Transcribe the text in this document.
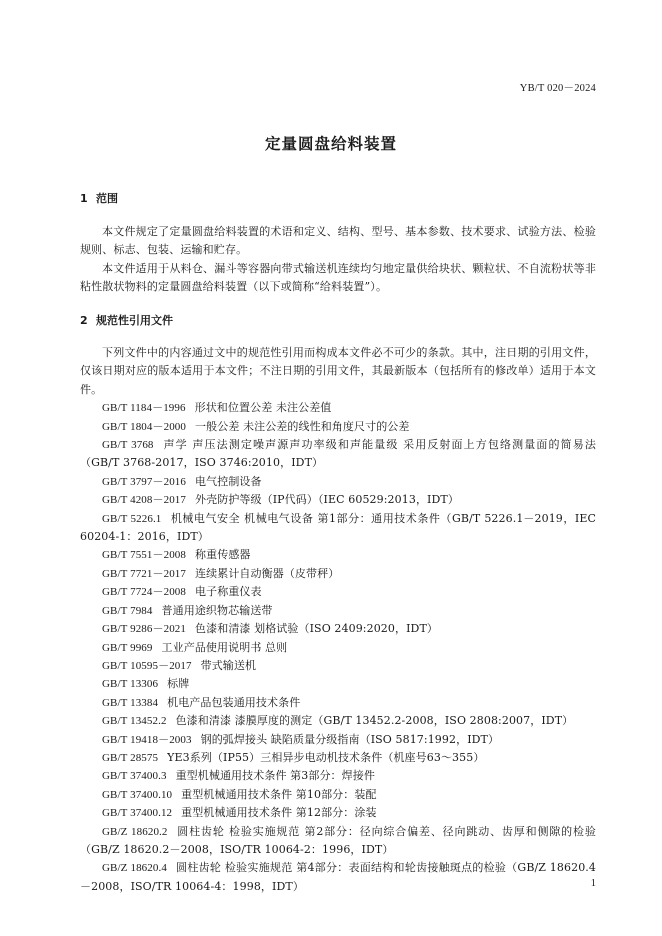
YB/T 020－2024
定量圆盘给料装置
1 范围
本文件规定了定量圆盘给料装置的术语和定义、结构、型号、基本参数、技术要求、试验方法、检验规则、标志、包装、运输和贮存。
本文件适用于从料仓、漏斗等容器向带式输送机连续均匀地定量供给块状、颗粒状、不自流粉状等非粘性散状物料的定量圆盘给料装置（以下或简称“给料装置”）。
2 规范性引用文件
下列文件中的内容通过文中的规范性引用而构成本文件必不可少的条款。其中，注日期的引用文件，仅该日期对应的版本适用于本文件；不注日期的引用文件，其最新版本（包括所有的修改单）适用于本文件。
GB/T 1184－1996 形状和位置公差 未注公差值
GB/T 1804－2000 一般公差 未注公差的线性和角度尺寸的公差
GB/T 3768 声学 声压法测定噪声源声功率级和声能量级 采用反射面上方包络测量面的简易法（GB/T 3768-2017，ISO 3746:2010，IDT）
GB/T 3797－2016 电气控制设备
GB/T 4208－2017 外壳防护等级（IP代码）（IEC 60529:2013，IDT）
GB/T 5226.1 机械电气安全 机械电气设备 第1部分：通用技术条件（GB/T 5226.1－2019，IEC 60204-1：2016，IDT）
GB/T 7551－2008 称重传感器
GB/T 7721－2017 连续累计自动衡器（皮带秤）
GB/T 7724－2008 电子称重仪表
GB/T 7984 普通用途织物芯输送带
GB/T 9286－2021 色漆和清漆 划格试验（ISO 2409:2020，IDT）
GB/T 9969 工业产品使用说明书 总则
GB/T 10595－2017 带式输送机
GB/T 13306 标牌
GB/T 13384 机电产品包装通用技术条件
GB/T 13452.2 色漆和清漆 漆膜厚度的测定（GB/T 13452.2-2008，ISO 2808:2007，IDT）
GB/T 19418－2003 钢的弧焊接头 缺陷质量分级指南（ISO 5817:1992，IDT）
GB/T 28575 YE3系列（IP55）三相异步电动机技术条件（机座号63～355）
GB/T 37400.3 重型机械通用技术条件 第3部分：焊接件
GB/T 37400.10 重型机械通用技术条件 第10部分：装配
GB/T 37400.12 重型机械通用技术条件 第12部分：涂装
GB/Z 18620.2 圆柱齿轮 检验实施规范 第2部分：径向综合偏差、径向跳动、齿厚和侧隙的检验（GB/Z 18620.2－2008，ISO/TR 10064-2：1996，IDT）
GB/Z 18620.4 圆柱齿轮 检验实施规范 第4部分：表面结构和轮齿接触斑点的检验（GB/Z 18620.4－2008，ISO/TR 10064-4：1998，IDT）	1
